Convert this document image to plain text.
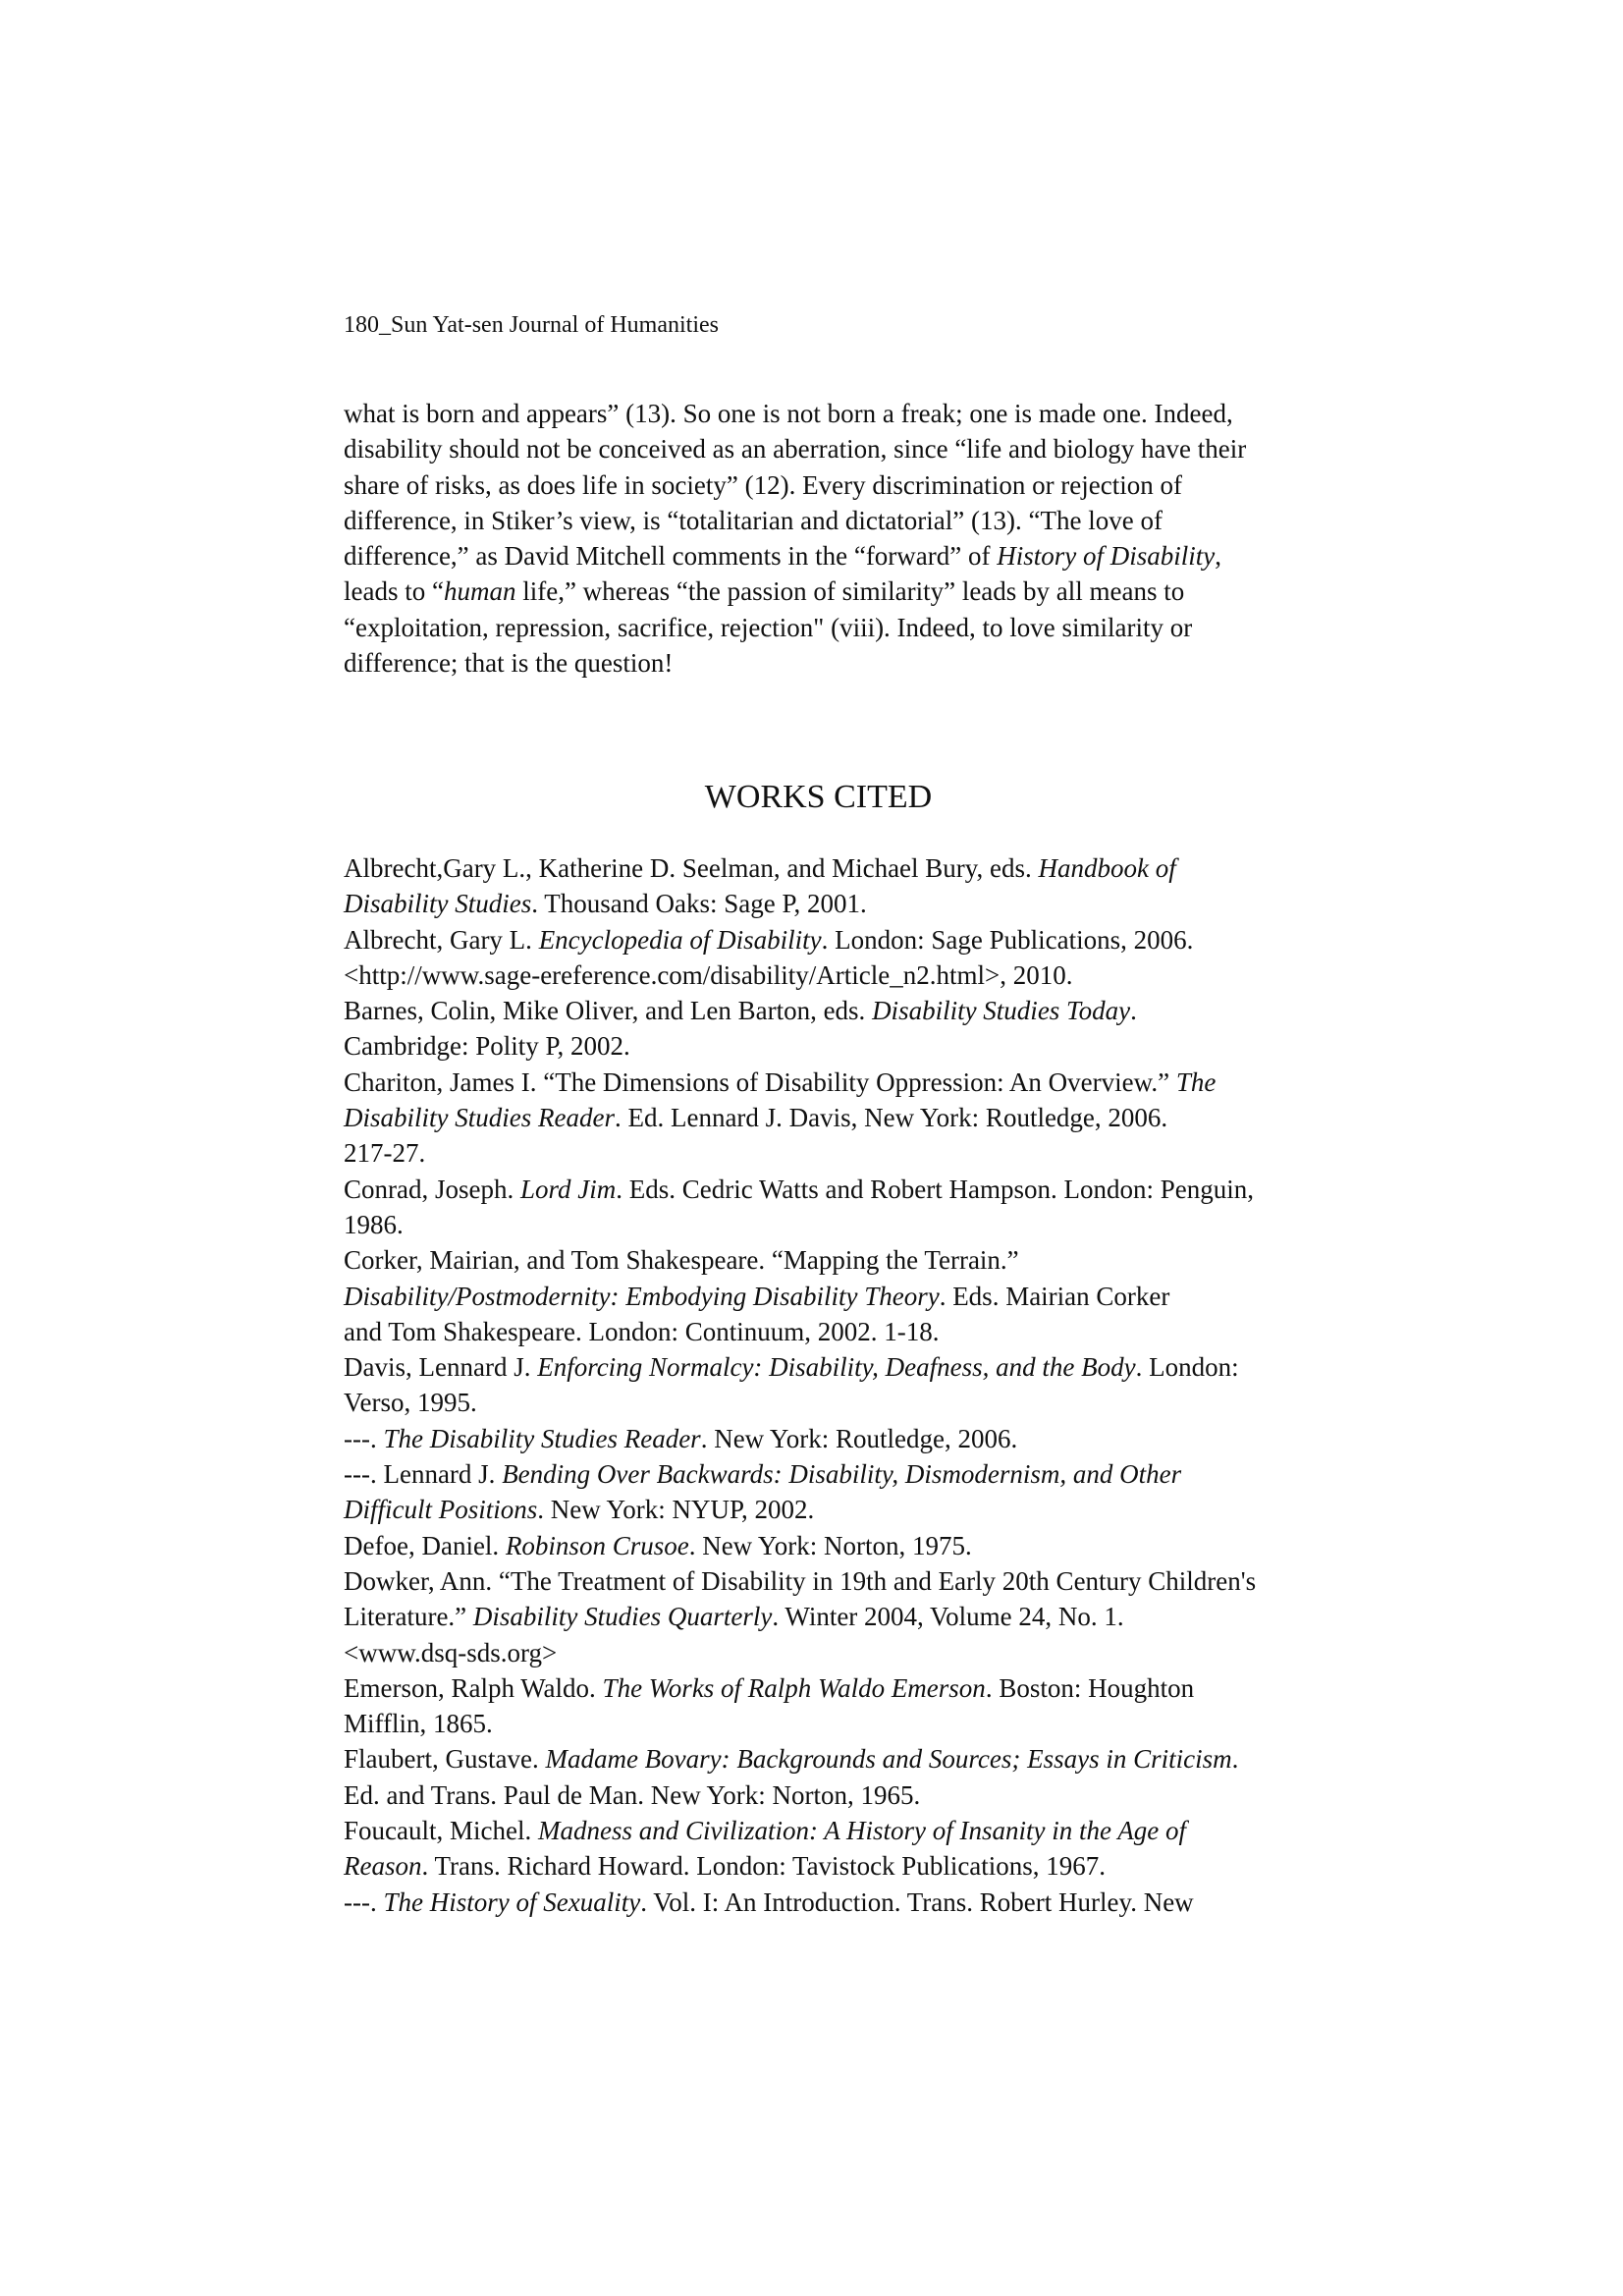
180_Sun Yat-sen Journal of Humanities
what is born and appears” (13). So one is not born a freak; one is made one. Indeed,
disability should not be conceived as an aberration, since “life and biology have their
share of risks, as does life in society” (12). Every discrimination or rejection of
difference, in Stiker’s view, is “totalitarian and dictatorial” (13). “The love of
difference,” as David Mitchell comments in the “forward” of History of Disability,
leads to “human life,” whereas “the passion of similarity” leads by all means to
“exploitation, repression, sacrifice, rejection" (viii). Indeed, to love similarity or
difference; that is the question!
WORKS CITED
Albrecht,Gary L., Katherine D. Seelman, and Michael Bury, eds. Handbook of
Disability Studies. Thousand Oaks: Sage P, 2001.
Albrecht, Gary L. Encyclopedia of Disability. London: Sage Publications, 2006.
<http://www.sage-ereference.com/disability/Article_n2.html>, 2010.
Barnes, Colin, Mike Oliver, and Len Barton, eds. Disability Studies Today.
Cambridge: Polity P, 2002.
Chariton, James I. “The Dimensions of Disability Oppression: An Overview.” The
Disability Studies Reader. Ed. Lennard J. Davis, New York: Routledge, 2006.
217-27.
Conrad, Joseph. Lord Jim. Eds. Cedric Watts and Robert Hampson. London: Penguin,
1986.
Corker, Mairian, and Tom Shakespeare. “Mapping the Terrain.”
Disability/Postmodernity: Embodying Disability Theory. Eds. Mairian Corker
and Tom Shakespeare. London: Continuum, 2002. 1-18.
Davis, Lennard J. Enforcing Normalcy: Disability, Deafness, and the Body. London:
Verso, 1995.
---. The Disability Studies Reader. New York: Routledge, 2006.
---. Lennard J. Bending Over Backwards: Disability, Dismodernism, and Other
Difficult Positions. New York: NYUP, 2002.
Defoe, Daniel. Robinson Crusoe. New York: Norton, 1975.
Dowker, Ann. “The Treatment of Disability in 19th and Early 20th Century Children's
Literature.” Disability Studies Quarterly. Winter 2004, Volume 24, No. 1.
<www.dsq-sds.org>
Emerson, Ralph Waldo. The Works of Ralph Waldo Emerson. Boston: Houghton
Mifflin, 1865.
Flaubert, Gustave. Madame Bovary: Backgrounds and Sources; Essays in Criticism.
Ed. and Trans. Paul de Man. New York: Norton, 1965.
Foucault, Michel. Madness and Civilization: A History of Insanity in the Age of
Reason. Trans. Richard Howard. London: Tavistock Publications, 1967.
---. The History of Sexuality. Vol. I: An Introduction. Trans. Robert Hurley. New
